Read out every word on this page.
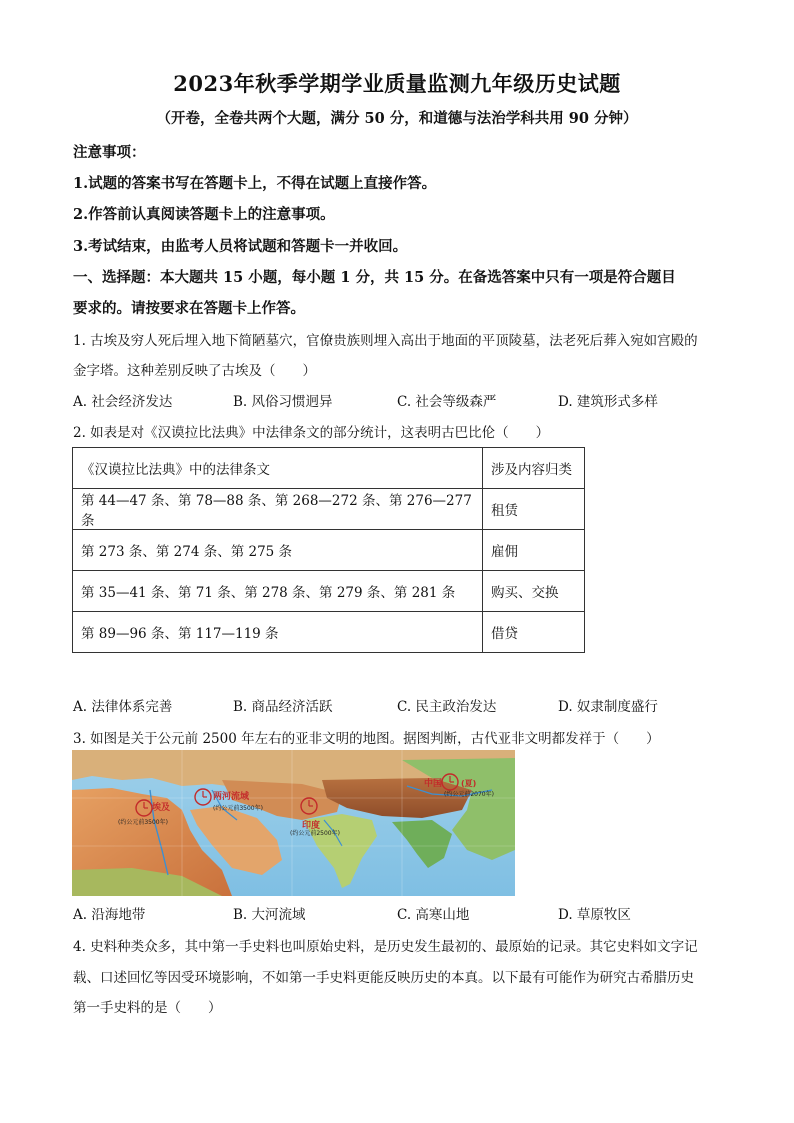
2023年秋季学期学业质量监测九年级历史试题
（开卷，全卷共两个大题，满分 50 分，和道德与法治学科共用 90 分钟）
注意事项：
1.试题的答案书写在答题卡上，不得在试题上直接作答。
2.作答前认真阅读答题卡上的注意事项。
3.考试结束，由监考人员将试题和答题卡一并收回。
一、选择题：本大题共 15 小题，每小题 1 分，共 15 分。在备选答案中只有一项是符合题目
要求的。请按要求在答题卡上作答。
1. 古埃及穷人死后埋入地下简陋墓穴，官僚贵族则埋入高出于地面的平顶陵墓，法老死后葬入宛如宫殿的
金字塔。这种差别反映了古埃及（　　）
A. 社会经济发达	B. 风俗习惯迥异	C. 社会等级森严	D. 建筑形式多样
2. 如表是对《汉谟拉比法典》中法律条文的部分统计，这表明古巴比伦（　　）
《汉谟拉比法典》中的法律条文	涉及内容归类
第 44—47 条、第 78—88 条、第 268—272 条、第 276—277 条	租赁
第 273 条、第 274 条、第 275 条	雇佣
第 35—41 条、第 71 条、第 278 条、第 279 条、第 281 条	购买、交换
第 89—96 条、第 117—119 条	借贷
A. 法律体系完善	B. 商品经济活跃	C. 民主政治发达	D. 奴隶制度盛行
3. 如图是关于公元前 2500 年左右的亚非文明的地图。据图判断，古代亚非文明都发祥于（　　）
埃及
(约公元前3500年)
两河流域
(约公元前3500年)
印度
(约公元前2500年)
中国 (夏)
(约公元前2070年)
A. 沿海地带	B. 大河流域	C. 高寒山地	D. 草原牧区
4. 史料种类众多，其中第一手史料也叫原始史料，是历史发生最初的、最原始的记录。其它史料如文字记
载、口述回忆等因受环境影响，不如第一手史料更能反映历史的本真。以下最有可能作为研究古希腊历史
第一手史料的是（　　）
